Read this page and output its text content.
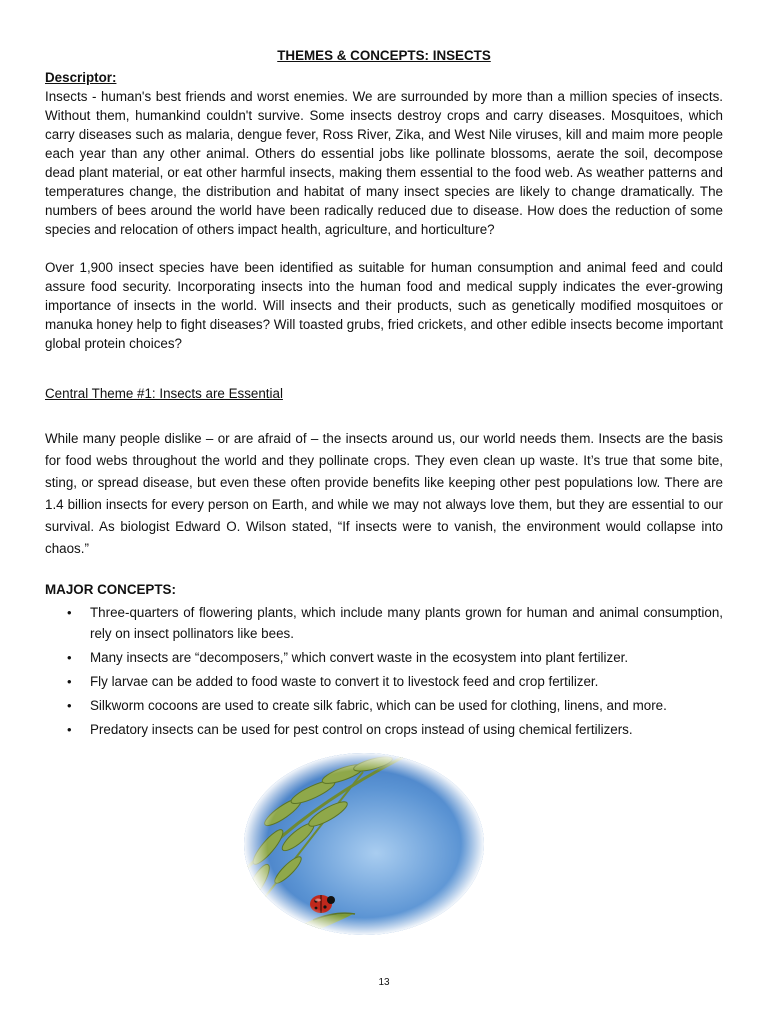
THEMES & CONCEPTS: INSECTS

Descriptor:

Insects - human's best friends and worst enemies. We are surrounded by more than a million species of insects. Without them, humankind couldn't survive. Some insects destroy crops and carry diseases. Mosquitoes, which carry diseases such as malaria, dengue fever, Ross River, Zika, and West Nile viruses, kill and maim more people each year than any other animal. Others do essential jobs like pollinate blossoms, aerate the soil, decompose dead plant material, or eat other harmful insects, making them essential to the food web. As weather patterns and temperatures change, the distribution and habitat of many insect species are likely to change dramatically. The numbers of bees around the world have been radically reduced due to disease. How does the reduction of some species and relocation of others impact health, agriculture, and horticulture?

Over 1,900 insect species have been identified as suitable for human consumption and animal feed and could assure food security. Incorporating insects into the human food and medical supply indicates the ever-growing importance of insects in the world. Will insects and their products, such as genetically modified mosquitoes or manuka honey help to fight diseases? Will toasted grubs, fried crickets, and other edible insects become important global protein choices?

Central Theme #1: Insects are Essential

While many people dislike – or are afraid of – the insects around us, our world needs them. Insects are the basis for food webs throughout the world and they pollinate crops. They even clean up waste. It’s true that some bite, sting, or spread disease, but even these often provide benefits like keeping other pest populations low. There are 1.4 billion insects for every person on Earth, and while we may not always love them, but they are essential to our survival. As biologist Edward O. Wilson stated, “If insects were to vanish, the environment would collapse into chaos.”

MAJOR CONCEPTS:

• Three-quarters of flowering plants, which include many plants grown for human and animal consumption, rely on insect pollinators like bees.
• Many insects are “decomposers,” which convert waste in the ecosystem into plant fertilizer.
• Fly larvae can be added to food waste to convert it to livestock feed and crop fertilizer.
• Silkworm cocoons are used to create silk fabric, which can be used for clothing, linens, and more.
• Predatory insects can be used for pest control on crops instead of using chemical fertilizers.
13
